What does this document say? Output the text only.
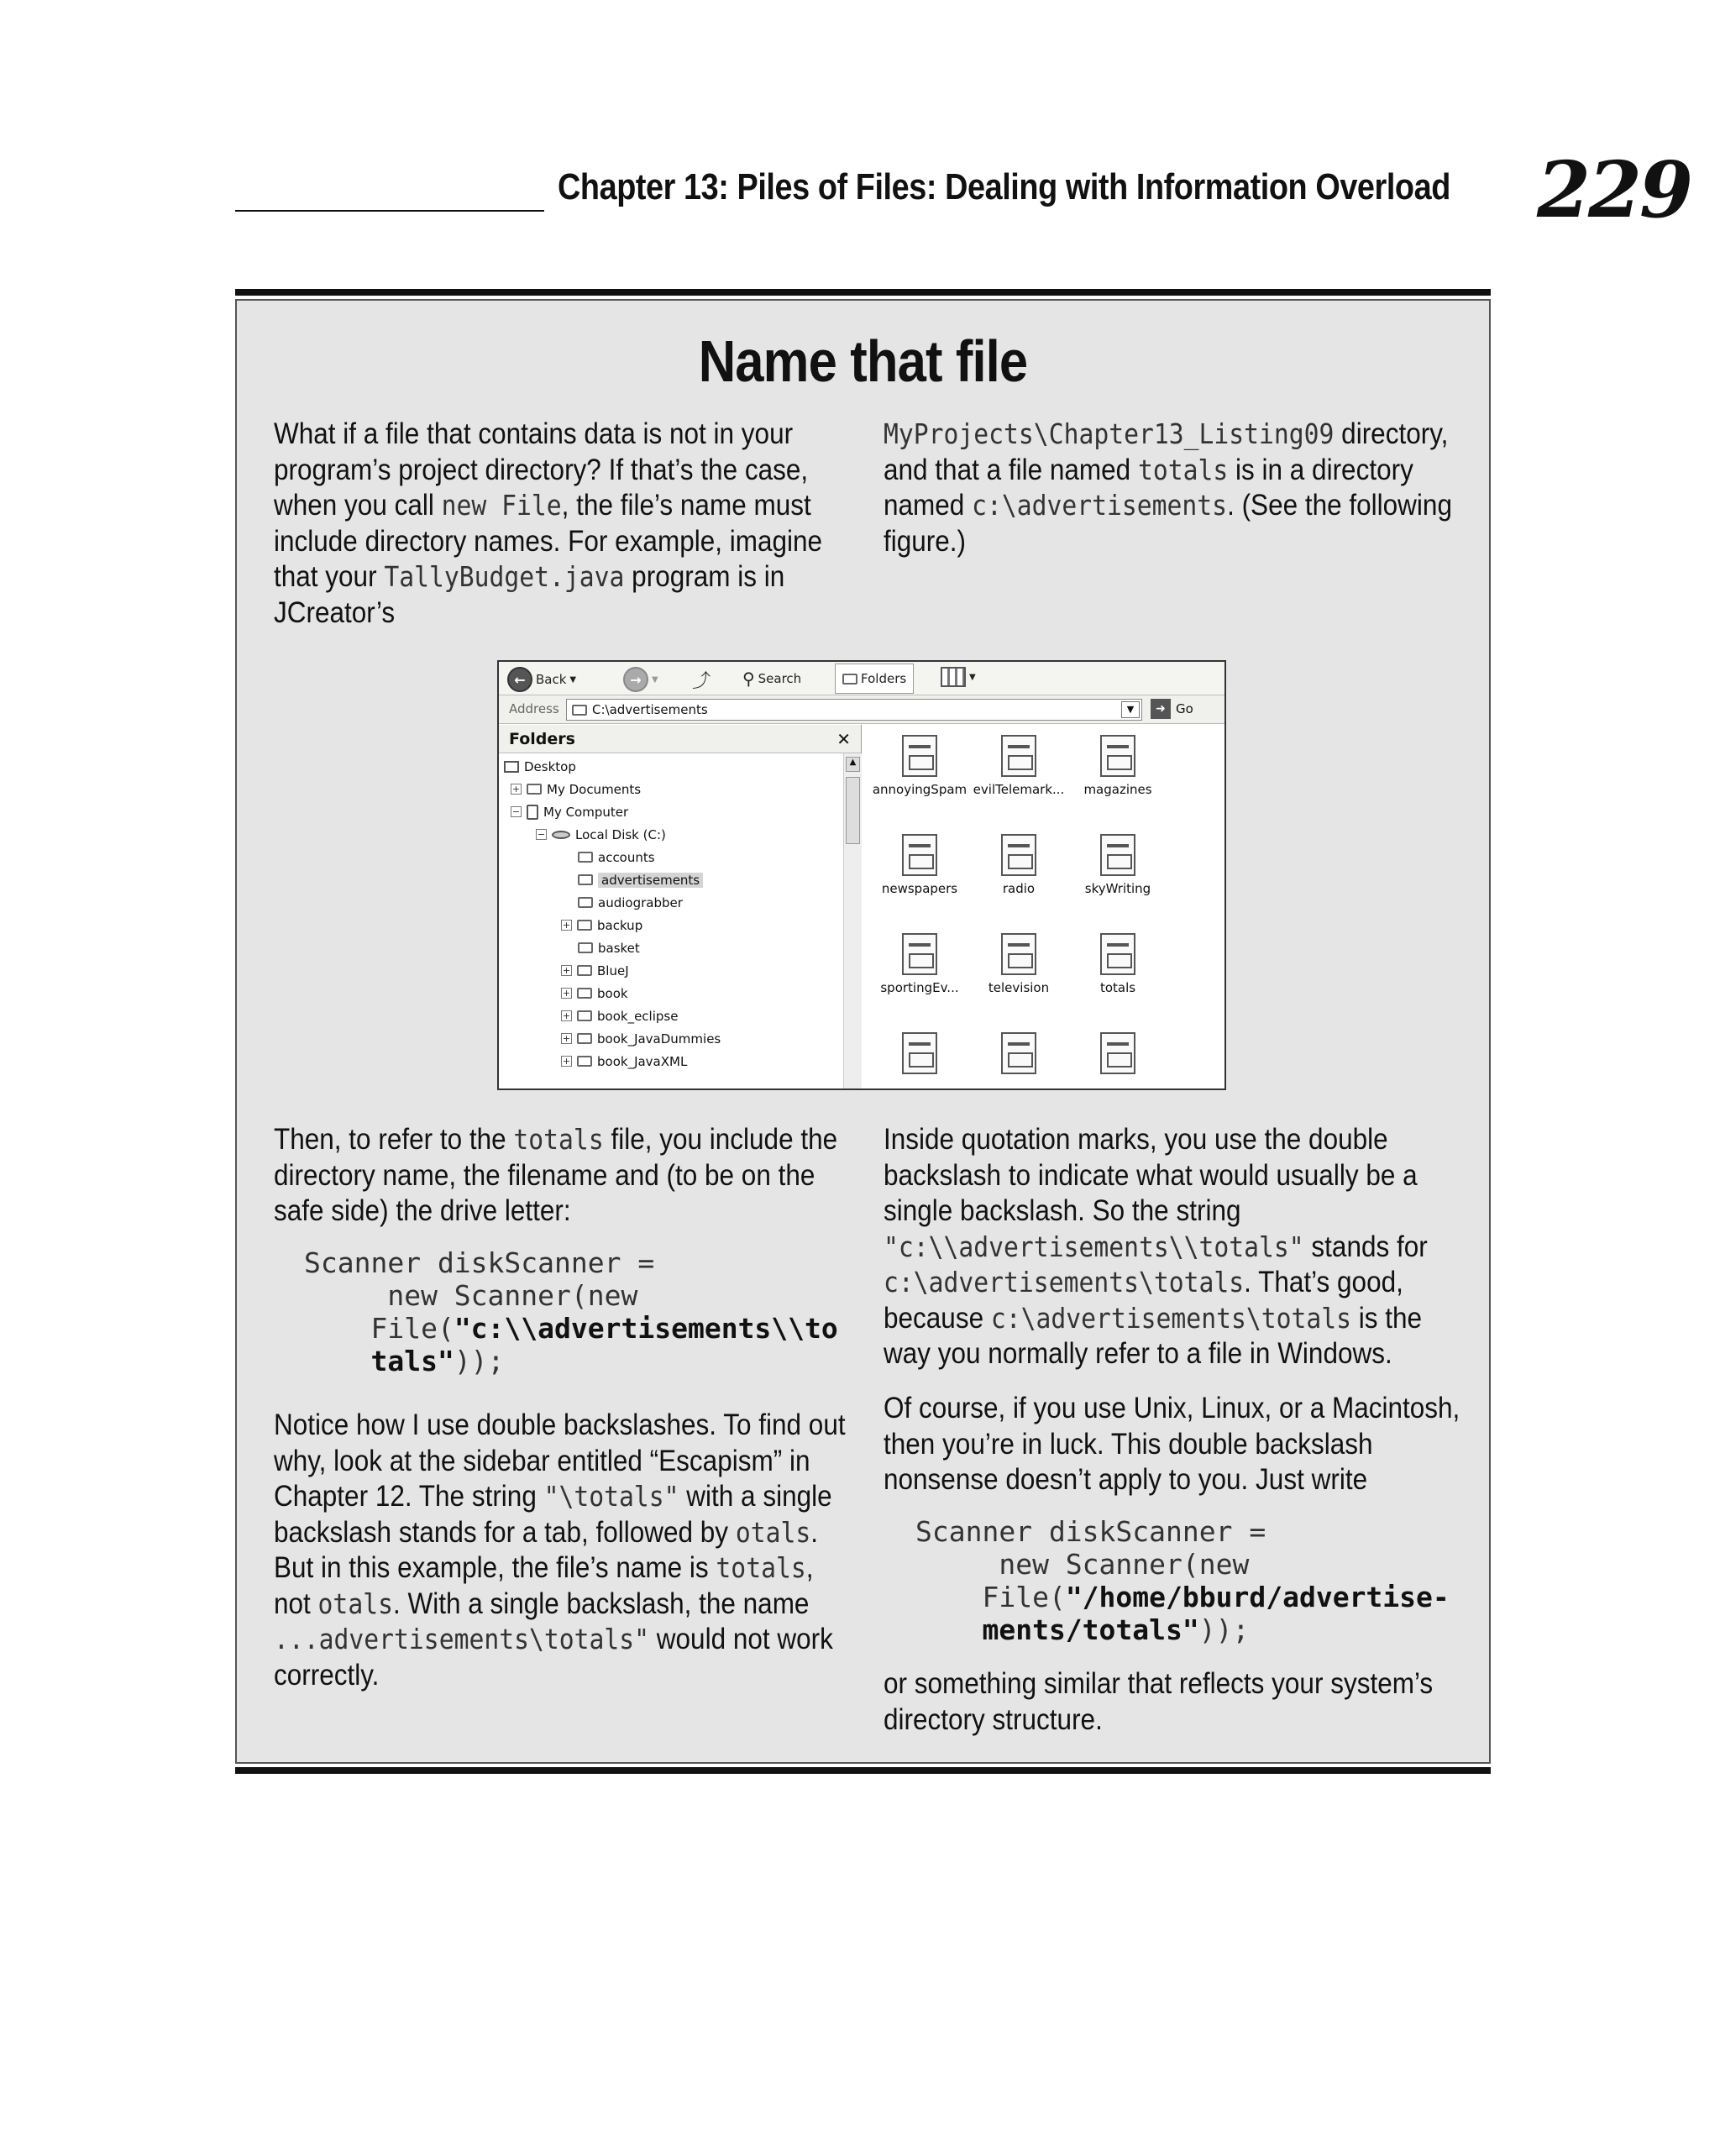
Chapter 13: Piles of Files: Dealing with Information Overload 229
Name that file
What if a file that contains data is not in your program’s project directory? If that’s the case, when you call new File, the file’s name must include directory names. For example, imagine that your TallyBudget.java program is in JCreator’s
MyProjects\Chapter13_Listing09 directory, and that a file named totals is in a directory named c:\advertisements. (See the following figure.)
← Back ▼	→	▼ ⤴ ⚲ Search	Folders	▼
Address	C:\advertisements	▼	➜ Go
Folders	✕
Desktop
+ My Documents
− My Computer
− Local Disk (C:)
accounts
advertisements
audiograbber
+ backup
basket
+ BlueJ
+ book
+ book_eclipse
+ book_JavaDummies
+ book_JavaXML
▲
annoyingSpam evilTelemark...	magazines
newspapers	radio	skyWriting
sportingEv...	television	totals
Then, to refer to the totals file, you include the directory name, the filename and (to be on the safe side) the drive letter:
Scanner diskScanner =
new Scanner(new
File("c:\\advertisements\\to
tals"));
Notice how I use double backslashes. To find out why, look at the sidebar entitled “Escapism” in Chapter 12. The string "\totals" with a single backslash stands for a tab, followed by otals. But in this example, the file’s name is totals, not otals. With a single backslash, the name ...advertisements\totals" would not work correctly.
Inside quotation marks, you use the double backslash to indicate what would usually be a single backslash. So the string "c:\\advertisements\\totals" stands for c:\advertisements\totals. That’s good, because c:\advertisements\totals is the way you normally refer to a file in Windows.
Of course, if you use Unix, Linux, or a Macintosh, then you’re in luck. This double backslash nonsense doesn’t apply to you. Just write
Scanner diskScanner =
new Scanner(new
File("/home/bburd/advertise-
ments/totals"));
or something similar that reflects your system’s directory structure.
